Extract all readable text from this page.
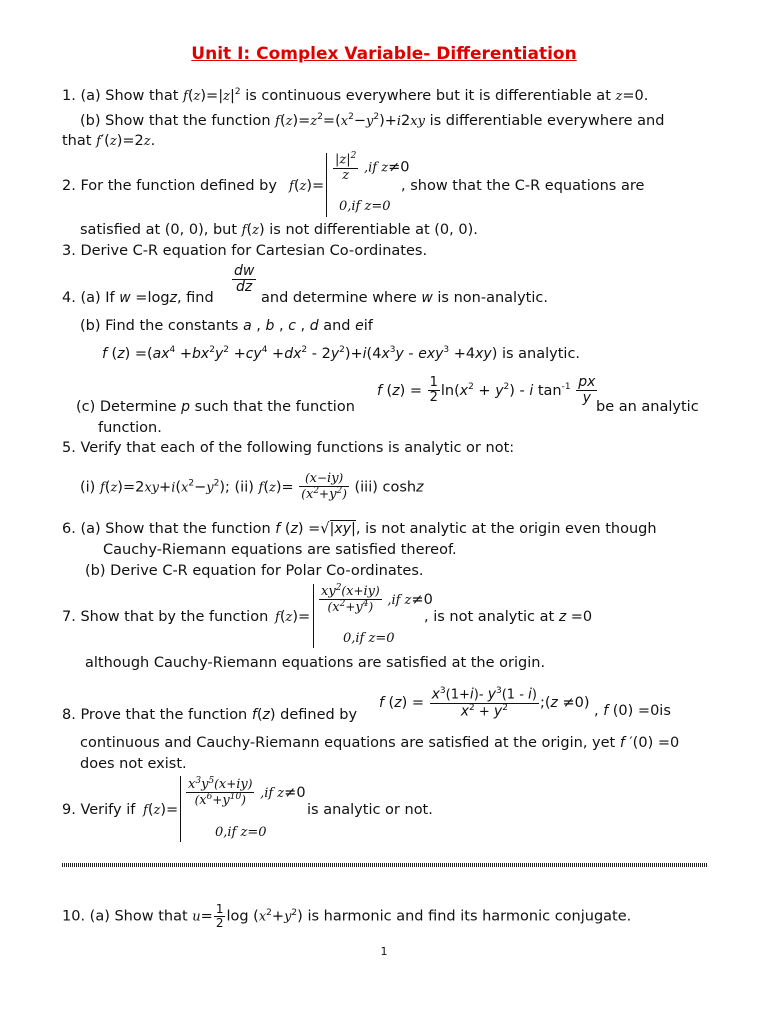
Unit I: Complex Variable- Differentiation
1. (a) Show that $f(z)=|z|^2$ is continuous everywhere but it is differentiable at z=0.
(b) Show that the function $f(z)=z^2=(x^2-y^2)+i2xy$ is differentiable everywhere and
that f′(z)=2z.
2. For the function defined by f(z)=
$\frac{|z|^2}{z} ,if$ z≠0
0,if z=0
, show that the C-R equations are
satisfied at (0, 0), but f(z) is not differentiable at (0, 0).
3. Derive C-R equation for Cartesian Co-ordinates.
4. (a) If w =logz, find
$\frac{dw}{dz}$
and determine where w is non-analytic.
(b) Find the constants a , b , c , d and eif
f $(z) =(ax^4 +bx^2y^2 +cy^4 +dx^2 - 2y^2)+i(4x^3y - exy^3 +4xy)$ is analytic.
f $(z) = \frac{1}{2} \ln(x^2 + y^2) - i$ $\tan^{-1} \frac{px}{y}$
(c) Determine p such that the function	be an analytic
function.
5. Verify that each of the following functions is analytic or not:
(i) $f(z)=2xy+i(x^2-y^2)$; (ii) $f(z)= \frac{(x-iy)}{(x^2+y^2)} (iii)$ coshz
6. (a) Show that the function f (z) =√|xy|, is not analytic at the origin even though
Cauchy-Riemann equations are satisfied thereof.
(b) Derive C-R equation for Polar Co-ordinates.
7. Show that by the function f(z)=
$\frac{xy^2(x+iy)}{(x^2+y^4)} ,if$ z≠0
0,if z=0
, is not analytic at z =0
although Cauchy-Riemann equations are satisfied at the origin.
f $(z) = \frac{x^3(1+i)- y^3(1 - i)}{x^2 + y^2}$ ;(z ≠0)
8. Prove that the function f(z) defined by	, f (0) =0is
continuous and Cauchy-Riemann equations are satisfied at the origin, yet f ′(0) =0
does not exist.
9. Verify if f(z)=
$\frac{x^3y^5(x+iy)}{(x^6+y^{10})} ,if$ z≠0
0,if z=0
is analytic or not.
10. (a) Show that $u= \frac{1}{2}$ $\log (x^2+y^2)$ is harmonic and find its harmonic conjugate.
1
